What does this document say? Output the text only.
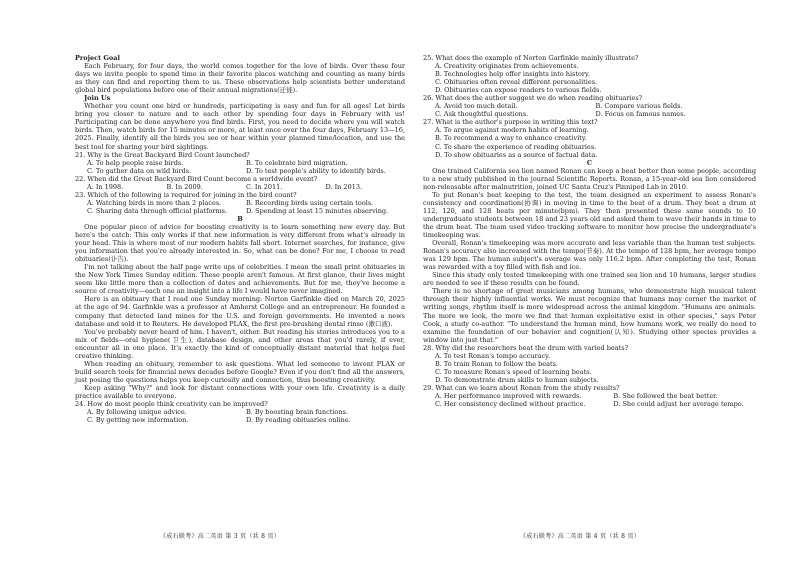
Project Goal

Each February, for four days, the world comes together for the love of birds. Over these four days we invite people to spend time in their favorite places watching and counting as many birds as they can find and reporting them to us. These observations help scientists better understand global bird populations before one of their annual migrations(迁徙).

Join Us

Whether you count one bird or hundreds, participating is easy and fun for all ages! Let birds bring you closer to nature and to each other by spending four days in February with us! Participating can be done anywhere you find birds. First, you need to decide where you will watch birds. Then, watch birds for 15 minutes or more, at least once over the four days, February 13—16, 2025. Finally, identify all the birds you see or hear within your planned time/location, and use the best tool for sharing your bird sightings.

21. Why is the Great Backyard Bird Count launched?

A. To help people raise birds.	B. To celebrate bird migration.
C. To gather data on wild birds.	D. To test people's ability to identify birds.

22. When did the Great Backyard Bird Count become a worldwide event?

A. In 1998.	B. In 2009.	C. In 2011.	D. In 2013.

23. Which of the following is required for joining in the bird count?

A. Watching birds in more than 2 places.	B. Recording birds using certain tools.
C. Sharing data through official platforms.	D. Spending at least 15 minutes observing.

B

One popular piece of advice for boosting creativity is to learn something new every day. But here's the catch: This only works if that new information is very different from what's already in your head. This is where most of our modern habits fall short. Internet searches, for instance, give you information that you're already interested in. So, what can be done? For me, I choose to read obituaries(讣告).

I'm not talking about the half page write ups of celebrities. I mean the small print obituaries in the New York Times Sunday edition. These people aren't famous. At first glance, their lives might seem like little more than a collection of dates and achievements. But for me, they've become a source of creativity—each one an insight into a life I would have never imagined.

Here is an obituary that I read one Sunday morning: Norton Garfinkle died on March 20, 2025 at the age of 94. Garfinkle was a professor at Amherst College and an entrepreneur. He founded a company that detected land mines for the U.S. and foreign governments. He invented a news database and sold it to Reuters. He developed PLAX, the first pre-brushing dental rinse (漱口液).

You've probably never heard of him. I haven't, either. But reading his stories introduces you to a mix of fields—oral hygiene(卫生), database design, and other areas that you'd rarely, if ever, encounter all in one place. It's exactly the kind of conceptually distant material that helps fuel creative thinking.

When reading an obituary, remember to ask questions. What led someone to invent PLAX or build search tools for financial news decades before Google? Even if you don't find all the answers, just posing the questions helps you keep curiosity and connection, thus boosting creativity.

Keep asking "Why?" and look for distant connections with your own life. Creativity is a daily practice available to everyone.

24. How do most people think creativity can be improved?

A. By following unique advice.	B. By boosting brain functions.
C. By getting new information.	D. By reading obituaries online.

25. What does the example of Norton Garfinkle mainly illustrate?

A. Creativity originates from achievements.

B. Technologies help offer insights into history.

C. Obituaries often reveal different personalities.

D. Obituaries can expose readers to various fields.

26. What does the author suggest we do when reading obituaries?

A. Avoid too much detail.	B. Compare various fields.
C. Ask thoughtful questions.	D. Focus on famous names.

27. What is the author's purpose in writing this text?

A. To argue against modern habits of learning.

B. To recommend a way to enhance creativity.

C. To share the experience of reading obituaries.

D. To show obituaries as a source of factual data.

C

One trained California sea lion named Ronan can keep a beat better than some people, according to a new study published in the journal Scientific Reports. Ronan, a 15-year-old sea lion considered non-releasable after malnutrition, joined UC Santa Cruz's Pinniped Lab in 2010.

To put Ronan's beat keeping to the test, the team designed an experiment to assess Ronan's consistency and coordination(协调) in moving in time to the beat of a drum. They beat a drum at 112, 120, and 128 beats per minute(bpm). They then presented these same sounds to 10 undergraduate students between 18 and 23 years old and asked them to wave their hands in time to the drum beat. The team used video tracking software to monitor how precise the undergraduate's timekeeping was.

Overall, Ronan's timekeeping was more accurate and less variable than the human test subjects. Ronan's accuracy also increased with the tempo(节奏). At the tempo of 128 bpm, her average tempo was 129 bpm. The human subject's average was only 116.2 bpm. After completing the test, Ronan was rewarded with a toy filled with fish and ice.

Since this study only tested timekeeping with one trained sea lion and 10 humans, larger studies are needed to see if these results can be found.

There is no shortage of great musicians among humans, who demonstrate high musical talent through their highly influential works. We must recognize that humans may corner the market of writing songs, rhythm itself is more widespread across the animal kingdom. "Humans are animals. The more we look, the more we find that human exploitative exist in other species," says Peter Cook, a study co-author. "To understand the human mind, how humans work, we really do need to examine the foundation of our behavior and cognition(认知). Studying other species provides a window into just that."

28. Why did the researchers beat the drum with varied beats?

A. To test Ronan's tempo accuracy.

B. To train Ronan to follow the beats.

C. To measure Ronan's speed of learning beats.

D. To demonstrate drum skills to human subjects.

29. What can we learn about Ronan from the study results?

A. Her performance improved with rewards.	B. She followed the beat better.
C. Her consistency declined without practice.	D. She could adjust her average tempo.
《成石联考》高二英语 第 3 页（共 8 页）	《成石联考》高二英语 第 4 页（共 8 页）
